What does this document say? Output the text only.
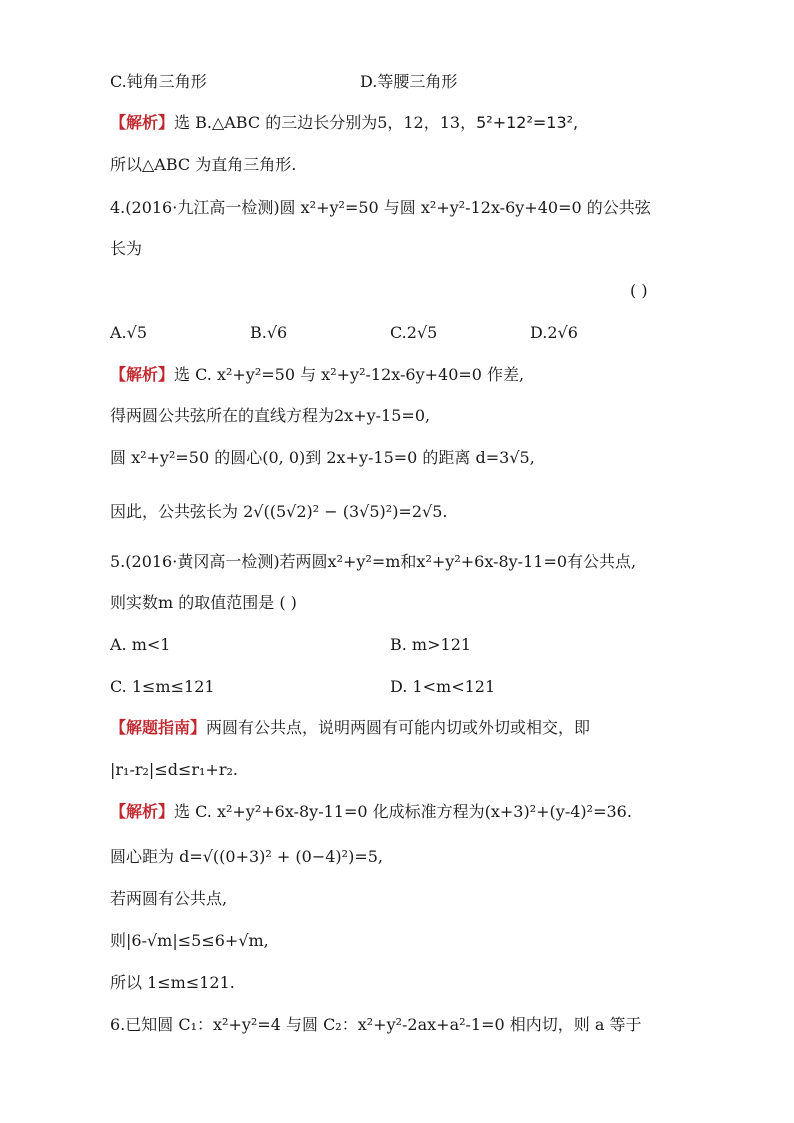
C.钝角三角形	D.等腰三角形
【解析】选 B.△ABC 的三边长分别为5，12，13，5²+12²=13²,
所以△ABC 为直角三角形.
4.(2016·九江高一检测)圆 x²+y²=50 与圆 x²+y²-12x-6y+40=0 的公共弦
长为
( )
A.√5	B.√6	C.2√5	D.2√6
【解析】选 C. x²+y²=50 与 x²+y²-12x-6y+40=0 作差,
得两圆公共弦所在的直线方程为2x+y-15=0,
圆 x²+y²=50 的圆心(0, 0)到 2x+y-15=0 的距离 d=3√5,
因此，公共弦长为 2√((5√2)² − (3√5)²)=2√5.
5.(2016·黄冈高一检测)若两圆x²+y²=m和x²+y²+6x-8y-11=0有公共点,
则实数m 的取值范围是 ( )
A. m<1	B. m>121
C. 1≤m≤121	D. 1<m<121
【解题指南】两圆有公共点，说明两圆有可能内切或外切或相交，即
|r₁-r₂|≤d≤r₁+r₂.
【解析】选 C. x²+y²+6x-8y-11=0 化成标准方程为(x+3)²+(y-4)²=36.
圆心距为 d=√((0+3)² + (0−4)²)=5,
若两圆有公共点,
则|6-√m|≤5≤6+√m,
所以 1≤m≤121.
6.已知圆 C₁：x²+y²=4 与圆 C₂：x²+y²-2ax+a²-1=0 相内切，则 a 等于
